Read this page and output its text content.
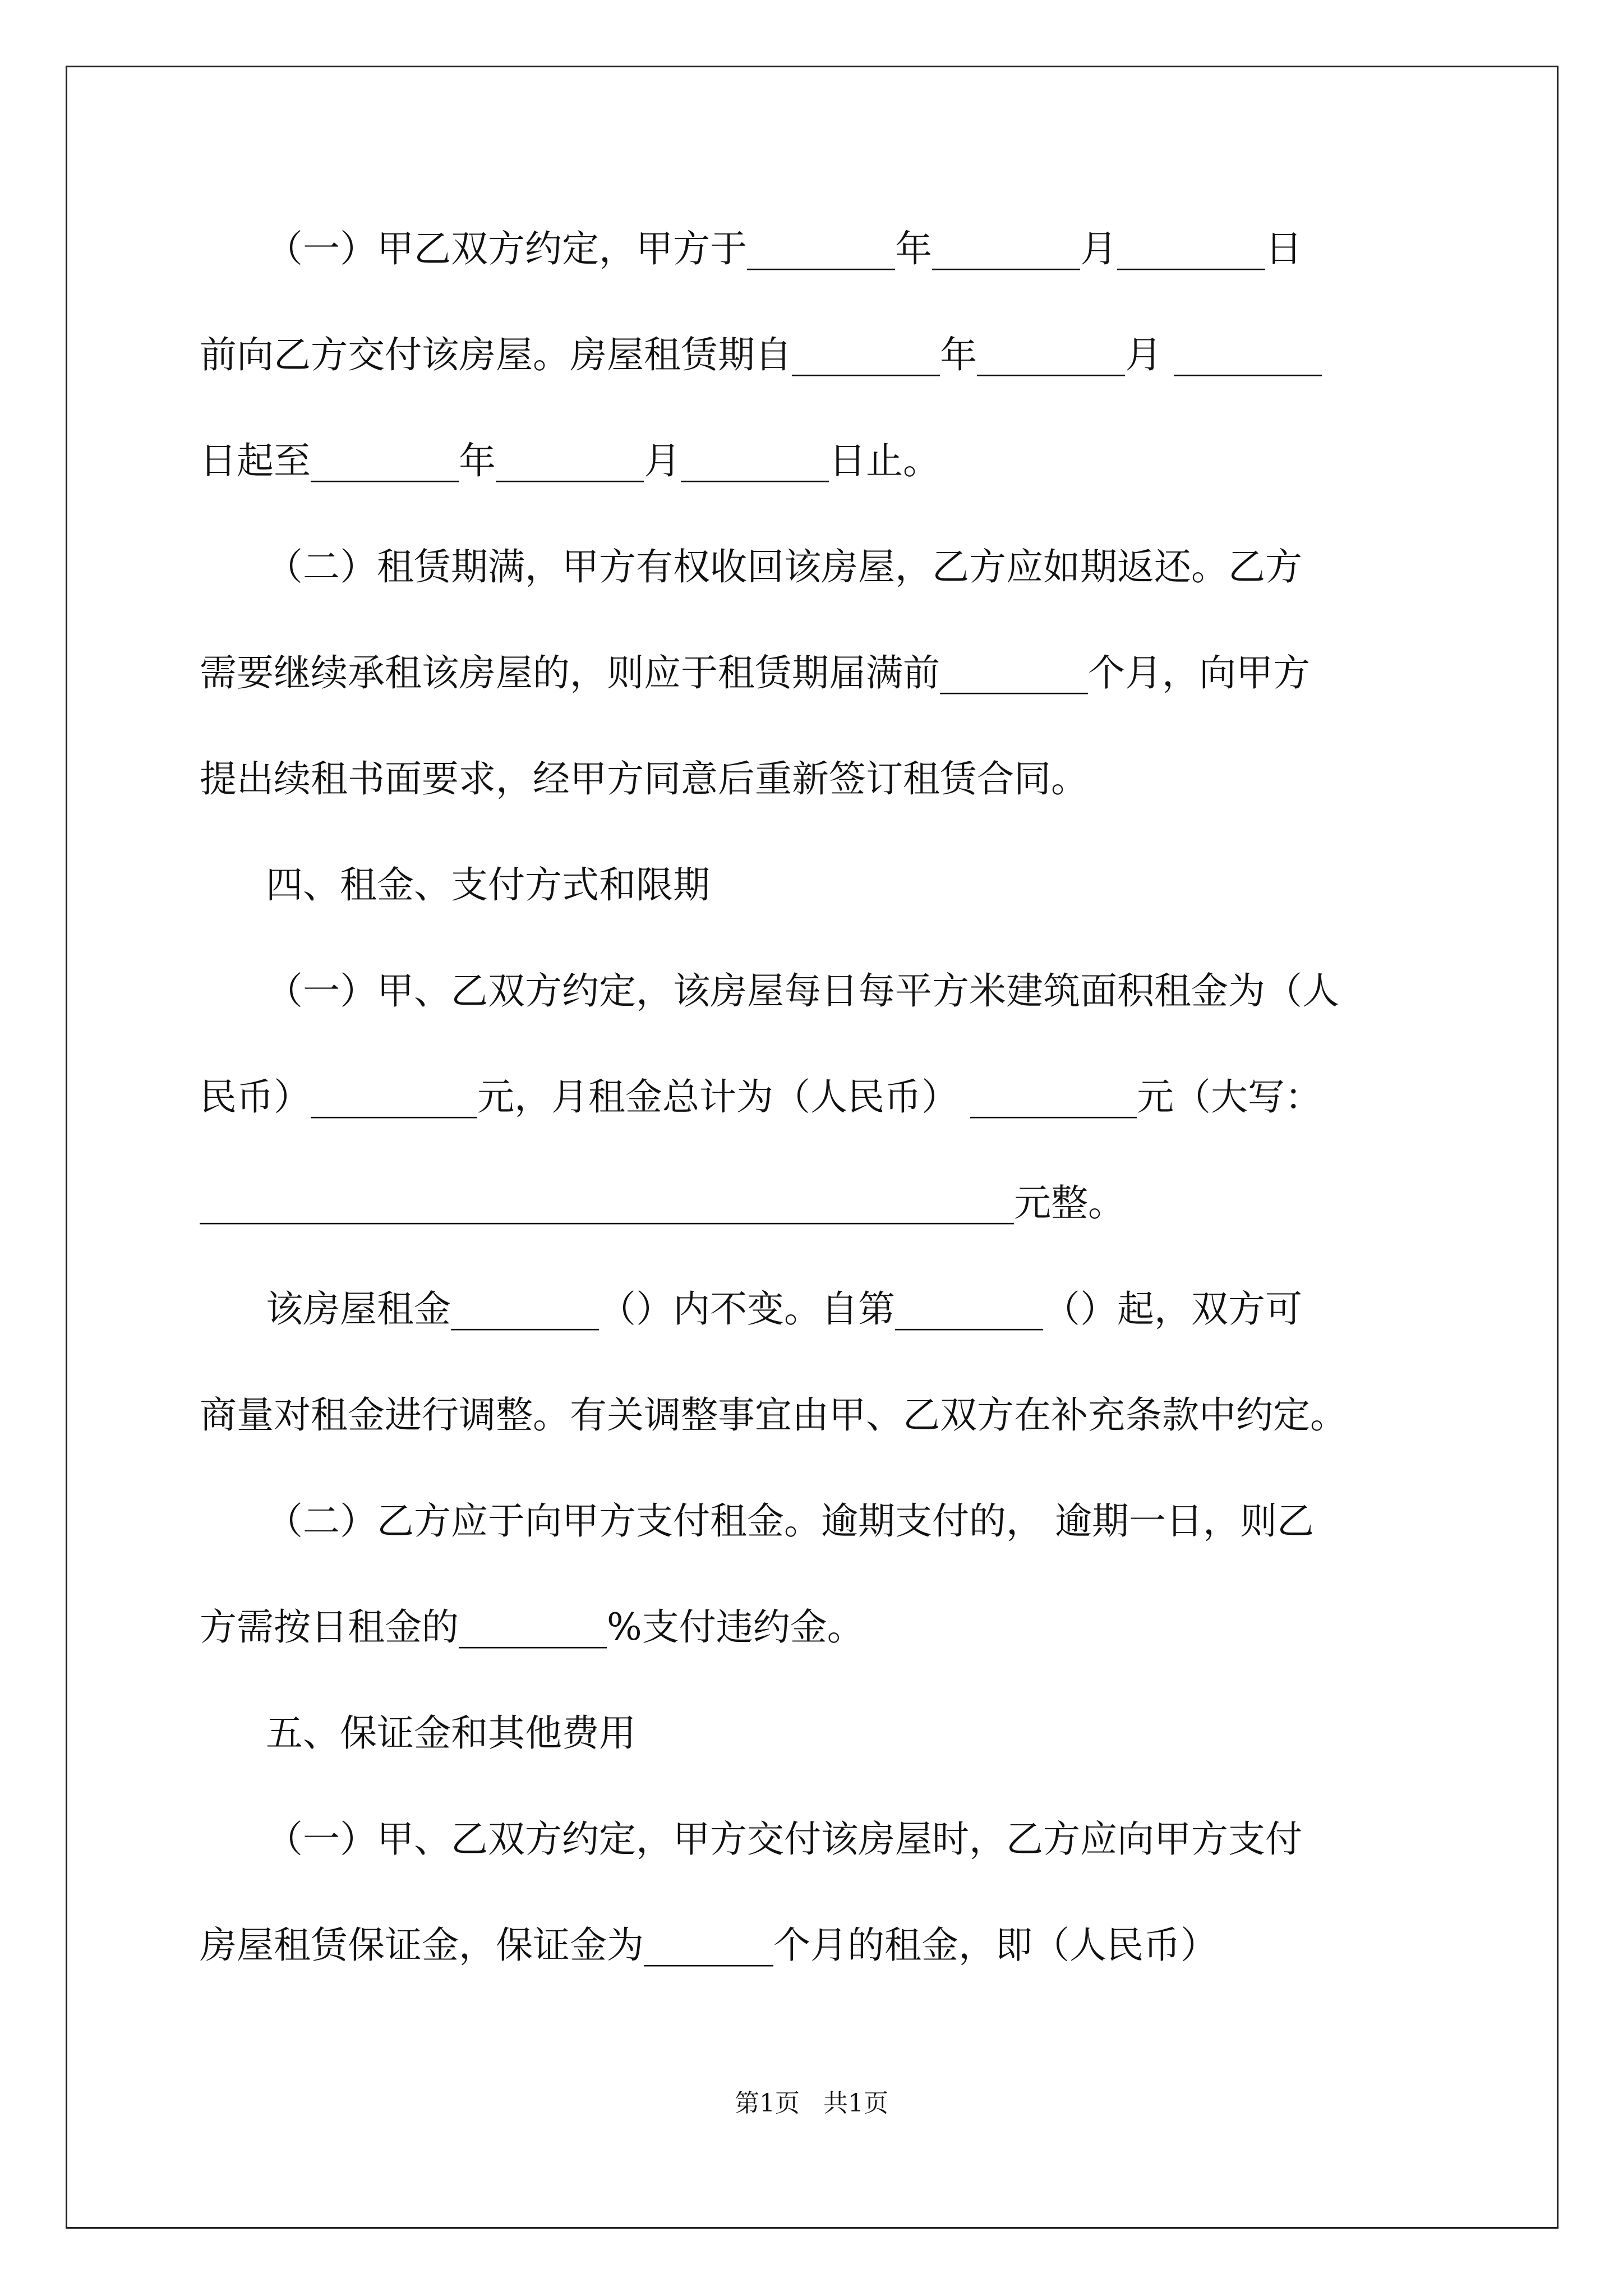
（一）甲乙双方约定，甲方于________年________月________日
前向乙方交付该房屋。房屋租赁期自________年________月 ________
日起至________年________月________日止。
（二）租赁期满，甲方有权收回该房屋，乙方应如期返还。乙方
需要继续承租该房屋的，则应于租赁期届满前________个月，向甲方
提出续租书面要求，经甲方同意后重新签订租赁合同。
四、租金、支付方式和限期
（一）甲、乙双方约定，该房屋每日每平方米建筑面积租金为（人
民币）_________元，月租金总计为（人民币） _________元（大写：
____________________________________________元整。
该房屋租金________（）内不变。自第________（）起，双方可
商量对租金进行调整。有关调整事宜由甲、乙双方在补充条款中约定。
（二）乙方应于向甲方支付租金。逾期支付的， 逾期一日，则乙
方需按日租金的________%支付违约金。
五、保证金和其他费用
（一）甲、乙双方约定，甲方交付该房屋时，乙方应向甲方支付
房屋租赁保证金，保证金为_______个月的租金，即（人民币）
第1页   共1页
